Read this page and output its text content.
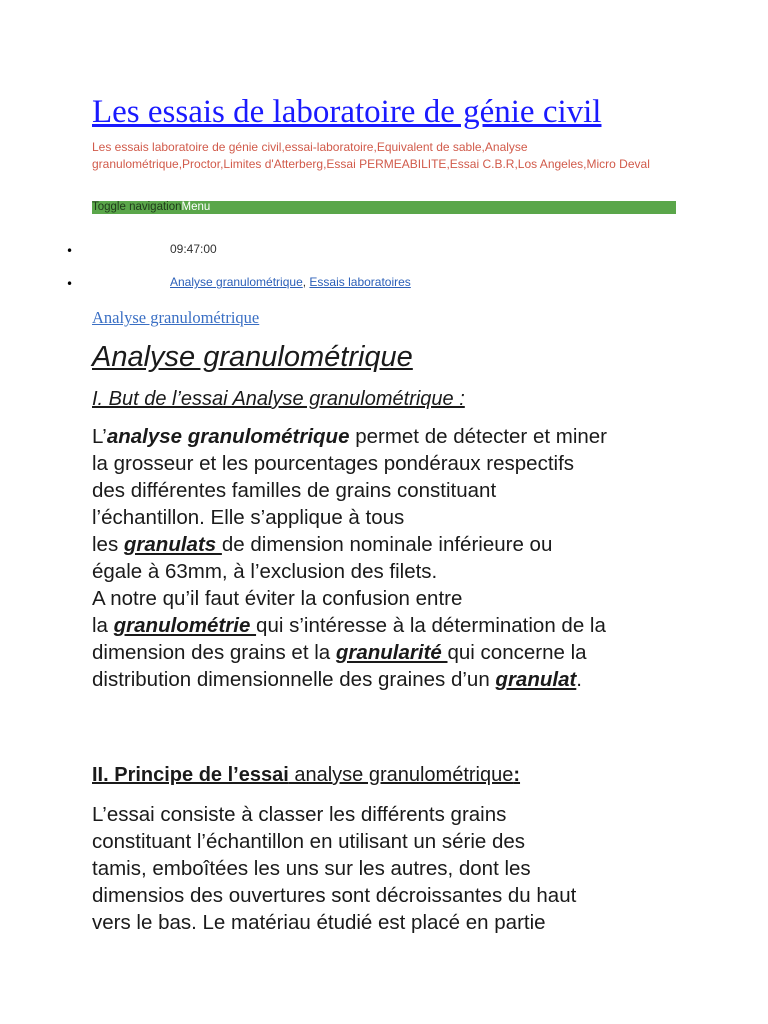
Les essais de laboratoire de génie civil
Les essais laboratoire de génie civil,essai-laboratoire,Equivalent de sable,Analyse granulométrique,Proctor,Limites d'Atterberg,Essai PERMEABILITE,Essai C.B.R,Los Angeles,Micro Deval
Toggle navigationMenu
•	09:47:00
•	Analyse granulométrique, Essais laboratoires
Analyse granulométrique
Analyse granulométrique
I. But de l’essai Analyse granulométrique :
L’analyse granulométrique permet de détecter et miner
la grosseur et les pourcentages pondéraux respectifs
des différentes familles de grains constituant
l’échantillon. Elle s’applique à tous
les granulats de dimension nominale inférieure ou
égale à 63mm, à l’exclusion des filets.
A notre qu’il faut éviter la confusion entre
la granulométrie qui s’intéresse à la détermination de la
dimension des grains et la granularité qui concerne la
distribution dimensionnelle des graines d’un granulat.
II. Principe de l’essai analyse granulométrique:
L’essai consiste à classer les différents grains
constituant l’échantillon en utilisant un série des
tamis, emboîtées les uns sur les autres, dont les
dimensios des ouvertures sont décroissantes du haut
vers le bas. Le matériau étudié est placé en partie
